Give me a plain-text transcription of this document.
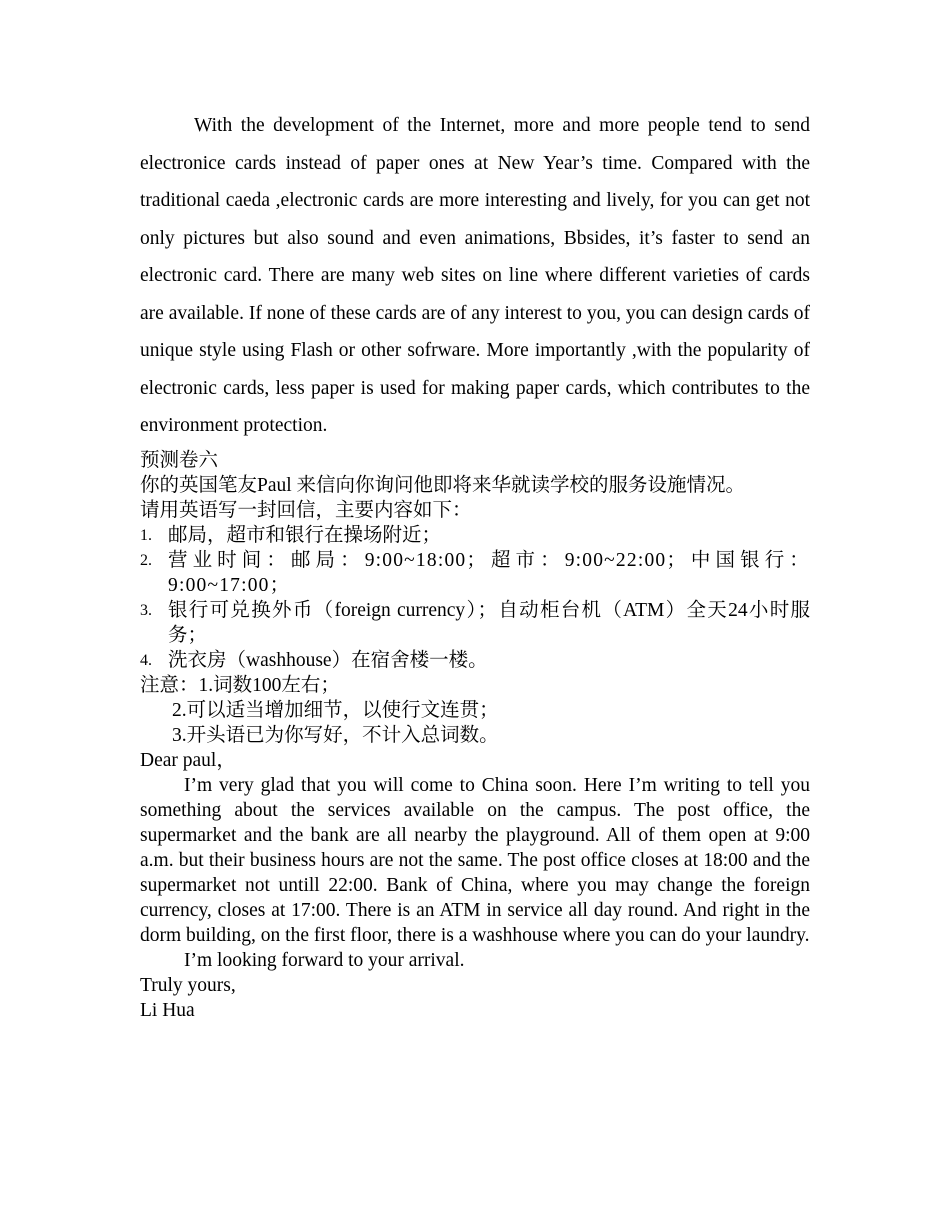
With the development of the Internet, more and more people tend to send electronice cards instead of paper ones at New Year’s time. Compared with the traditional caeda ,electronic cards are more interesting and lively, for you can get not only pictures but also sound and even animations, Bbsides, it’s faster to send an electronic card. There are many web sites on line where different varieties of cards are available. If none of these cards are of any interest to you, you can design cards of unique style using Flash or other sofrware. More importantly ,with the popularity of electronic cards, less paper is used for making paper cards, which contributes to the environment protection.

预测卷六

你的英国笔友Paul 来信向你询问他即将来华就读学校的服务设施情况。

请用英语写一封回信，主要内容如下：

1. 邮局，超市和银行在操场附近；
2. 营业时间：邮局：9:00~18:00；超市：9:00~22:00；中国银行：9:00~17:00；
3. 银行可兑换外币（foreign currency）；自动柜台机（ATM）全天24小时服务；
4. 洗衣房（washhouse）在宿舍楼一楼。

注意：1.词数100左右；

2.可以适当增加细节，以使行文连贯；

3.开头语已为你写好，不计入总词数。

Dear paul，

I’m very glad that you will come to China soon. Here I’m writing to tell you something about the services available on the campus. The post office, the supermarket and the bank are all nearby the playground. All of them open at 9:00 a.m. but their business hours are not the same. The post office closes at 18:00 and the supermarket not untill 22:00. Bank of China, where you may change the foreign currency, closes at 17:00. There is an ATM in service all day round. And right in the dorm building, on the first floor, there is a washhouse where you can do your laundry.

I’m looking forward to your arrival.

Truly yours,

Li Hua
